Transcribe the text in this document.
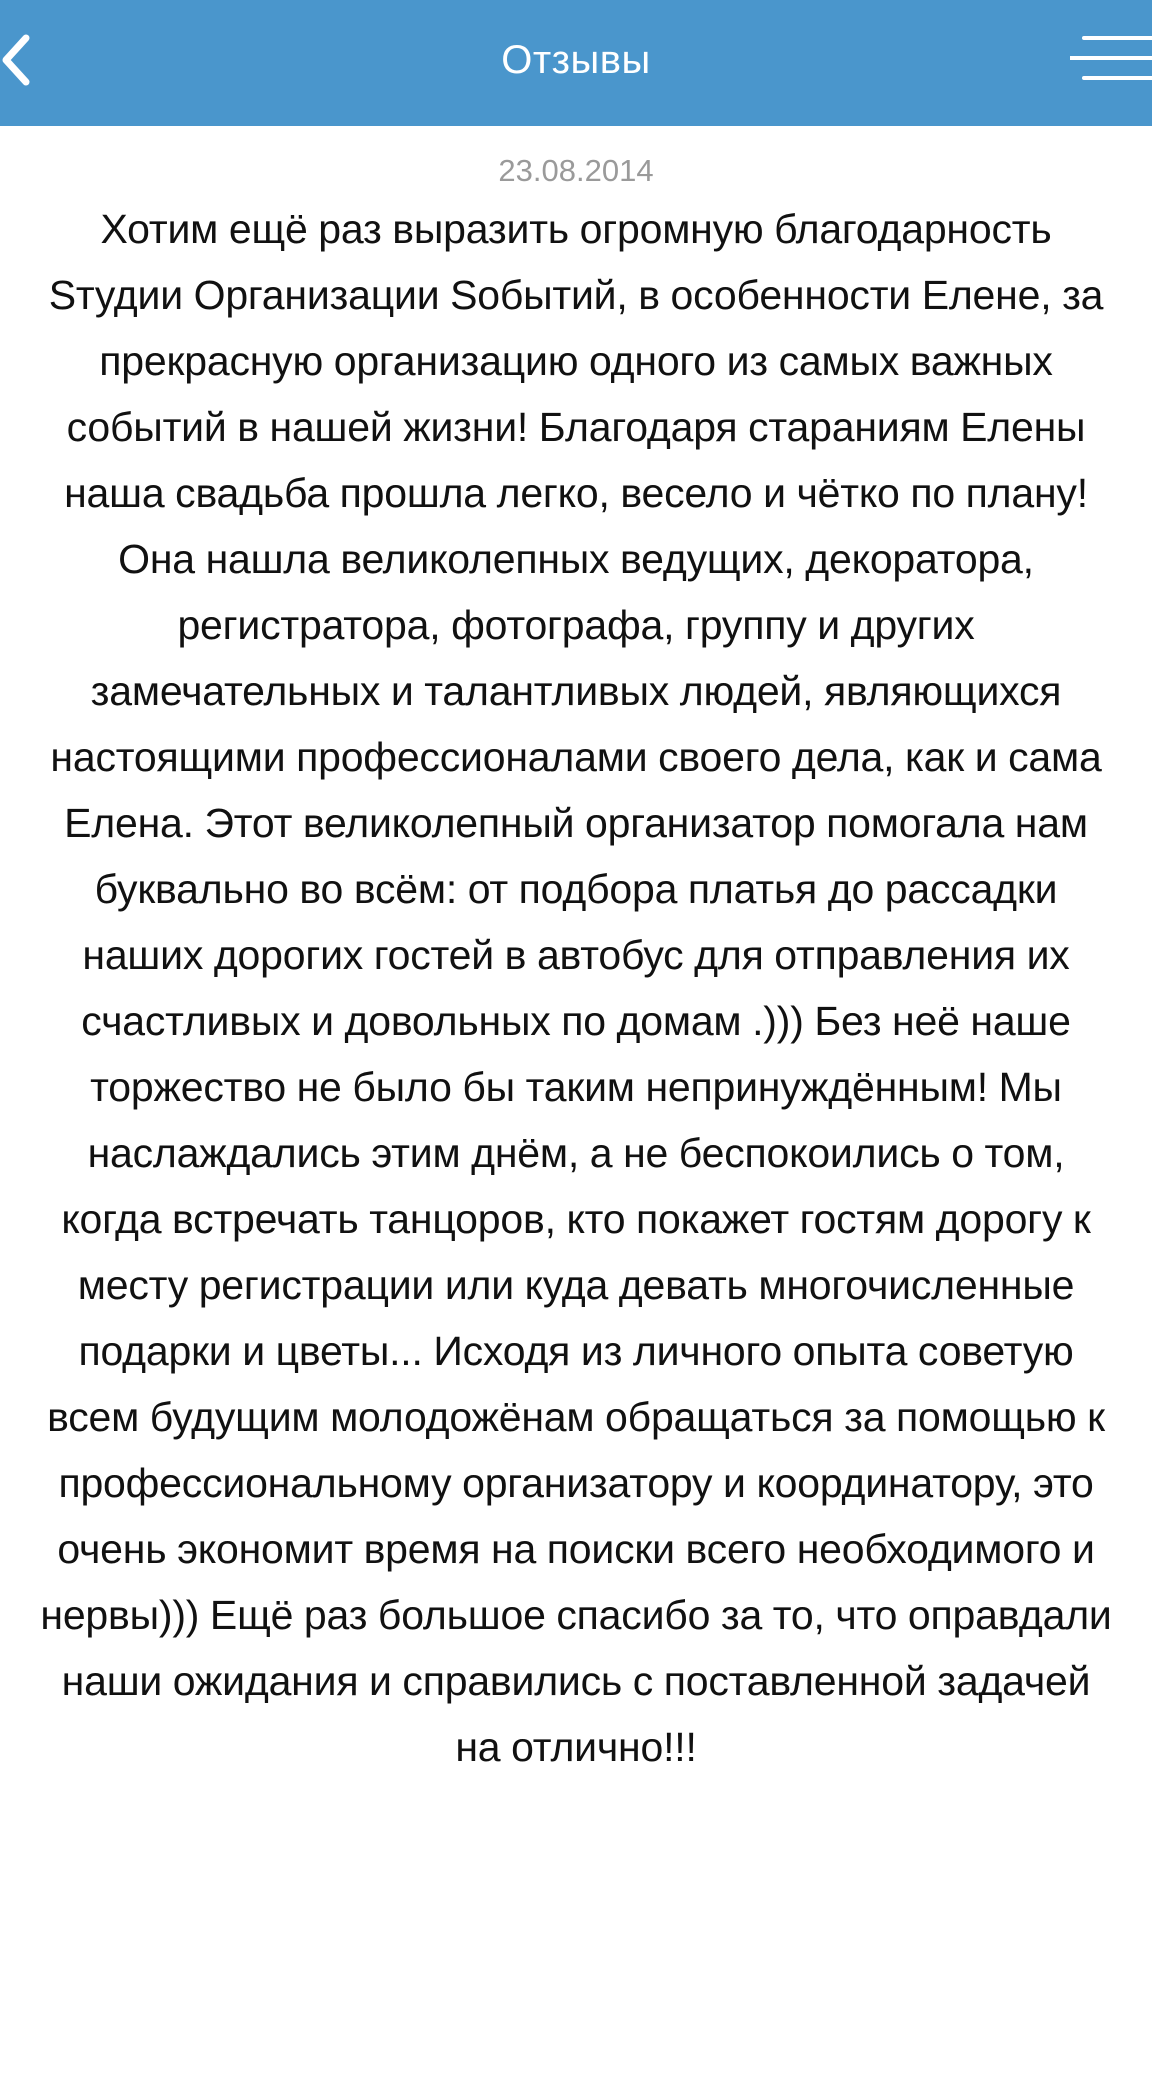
Отзывы
23.08.2014

Хотим ещё раз выразить огромную благодарность Sтудии Организации Sобытий, в особенности Елене, за прекрасную организацию одного из самых важных событий в нашей жизни! Благодаря стараниям Елены наша свадьба прошла легко, весело и чётко по плану! Она нашла великолепных ведущих, декоратора, регистратора, фотографа, группу и других замечательных и талантливых людей, являющихся настоящими профессионалами своего дела, как и сама Елена. Этот великолепный организатор помогала нам буквально во всём: от подбора платья до рассадки наших дорогих гостей в автобус для отправления их счастливых и довольных по домам .))) Без неё наше торжество не было бы таким непринуждённым! Мы наслаждались этим днём, а не беспокоились о том, когда встречать танцоров, кто покажет гостям дорогу к месту регистрации или куда девать многочисленные подарки и цветы... Исходя из личного опыта советую всем будущим молодожёнам обращаться за помощью к профессиональному организатору и координатору, это очень экономит время на поиски всего необходимого и нервы))) Ещё раз большое спасибо за то, что оправдали наши ожидания и справились с поставленной задачей на отлично!!!
